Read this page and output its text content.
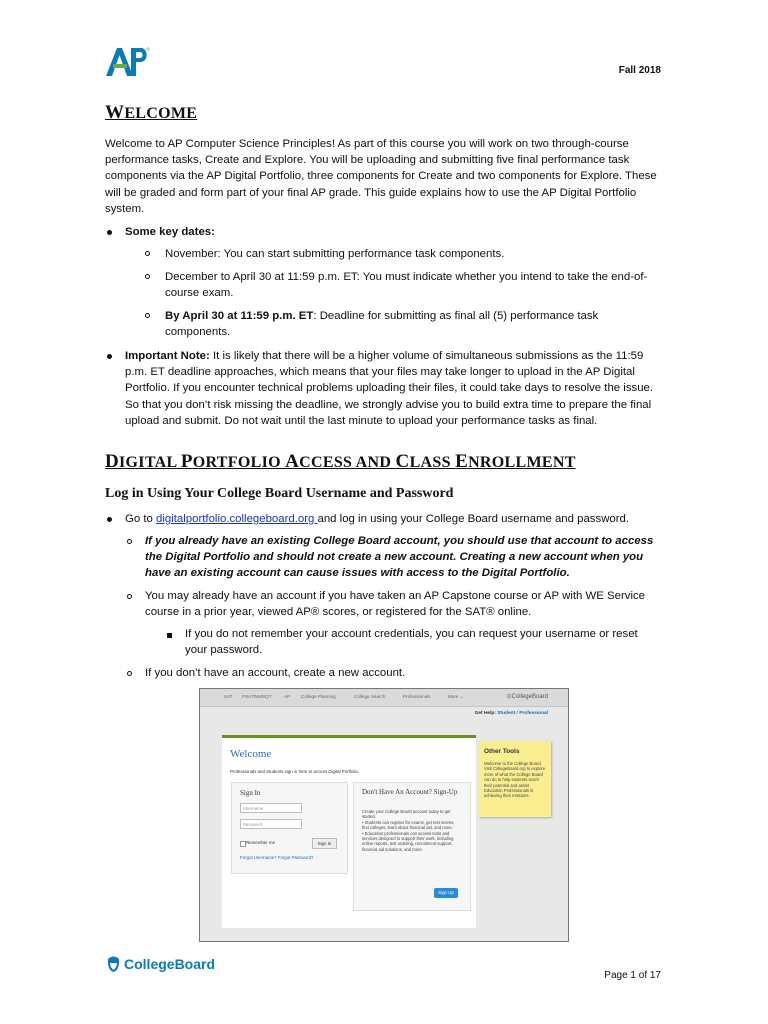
Fall 2018
WELCOME
Welcome to AP Computer Science Principles! As part of this course you will work on two through-course performance tasks, Create and Explore. You will be uploading and submitting five final performance task components via the AP Digital Portfolio, three components for Create and two components for Explore. These will be graded and form part of your final AP grade. This guide explains how to use the AP Digital Portfolio system.
Some key dates:
November: You can start submitting performance task components.
December to April 30 at 11:59 p.m. ET: You must indicate whether you intend to take the end-of-course exam.
By April 30 at 11:59 p.m. ET: Deadline for submitting as final all (5) performance task components.
Important Note: It is likely that there will be a higher volume of simultaneous submissions as the 11:59 p.m. ET deadline approaches, which means that your files may take longer to upload in the AP Digital Portfolio. If you encounter technical problems uploading their files, it could take days to resolve the issue. So that you don’t risk missing the deadline, we strongly advise you to build extra time to prepare the final upload and submit. Do not wait until the last minute to upload your performance tasks as final.
DIGITAL PORTFOLIO ACCESS AND CLASS ENROLLMENT
Log in Using Your College Board Username and Password
Go to digitalportfolio.collegeboard.org and log in using your College Board username and password.
If you already have an existing College Board account, you should use that account to access the Digital Portfolio and should not create a new account. Creating a new account when you have an existing account can cause issues with access to the Digital Portfolio.
You may already have an account if you have taken an AP Capstone course or AP with WE Service course in a prior year, viewed AP® scores, or registered for the SAT® online.
If you do not remember your account credentials, you can request your username or reset your password.
If you don’t have an account, create a new account.
SAT PSAT/NMSQT	AP College Planning	College Search	Professionals	More ⌄	⊙CollegeBoard
Get Help: Student / Professional
Welcome
Professionals and Students sign in here to access Digital Portfolio.
Sign In
Username
Password
Remember me	Sign In
Forgot Username? Forgot Password?
Don't Have An Account? Sign-Up
Create your College Board account today to get started.
• Students can register for exams, get test scores, find colleges, learn about financial aid, and more.
• Education professionals can access tools and services designed to support their work, including online reports, test ordering, recruitment support, financial aid solutions, and more.
Sign Up
Other Tools
Welcome to the College Board. Visit CollegeBoard.org to explore more of what the College Board can do to help students reach their potential and assist Education Professionals in achieving their missions.
CollegeBoard
Page 1 of 17
